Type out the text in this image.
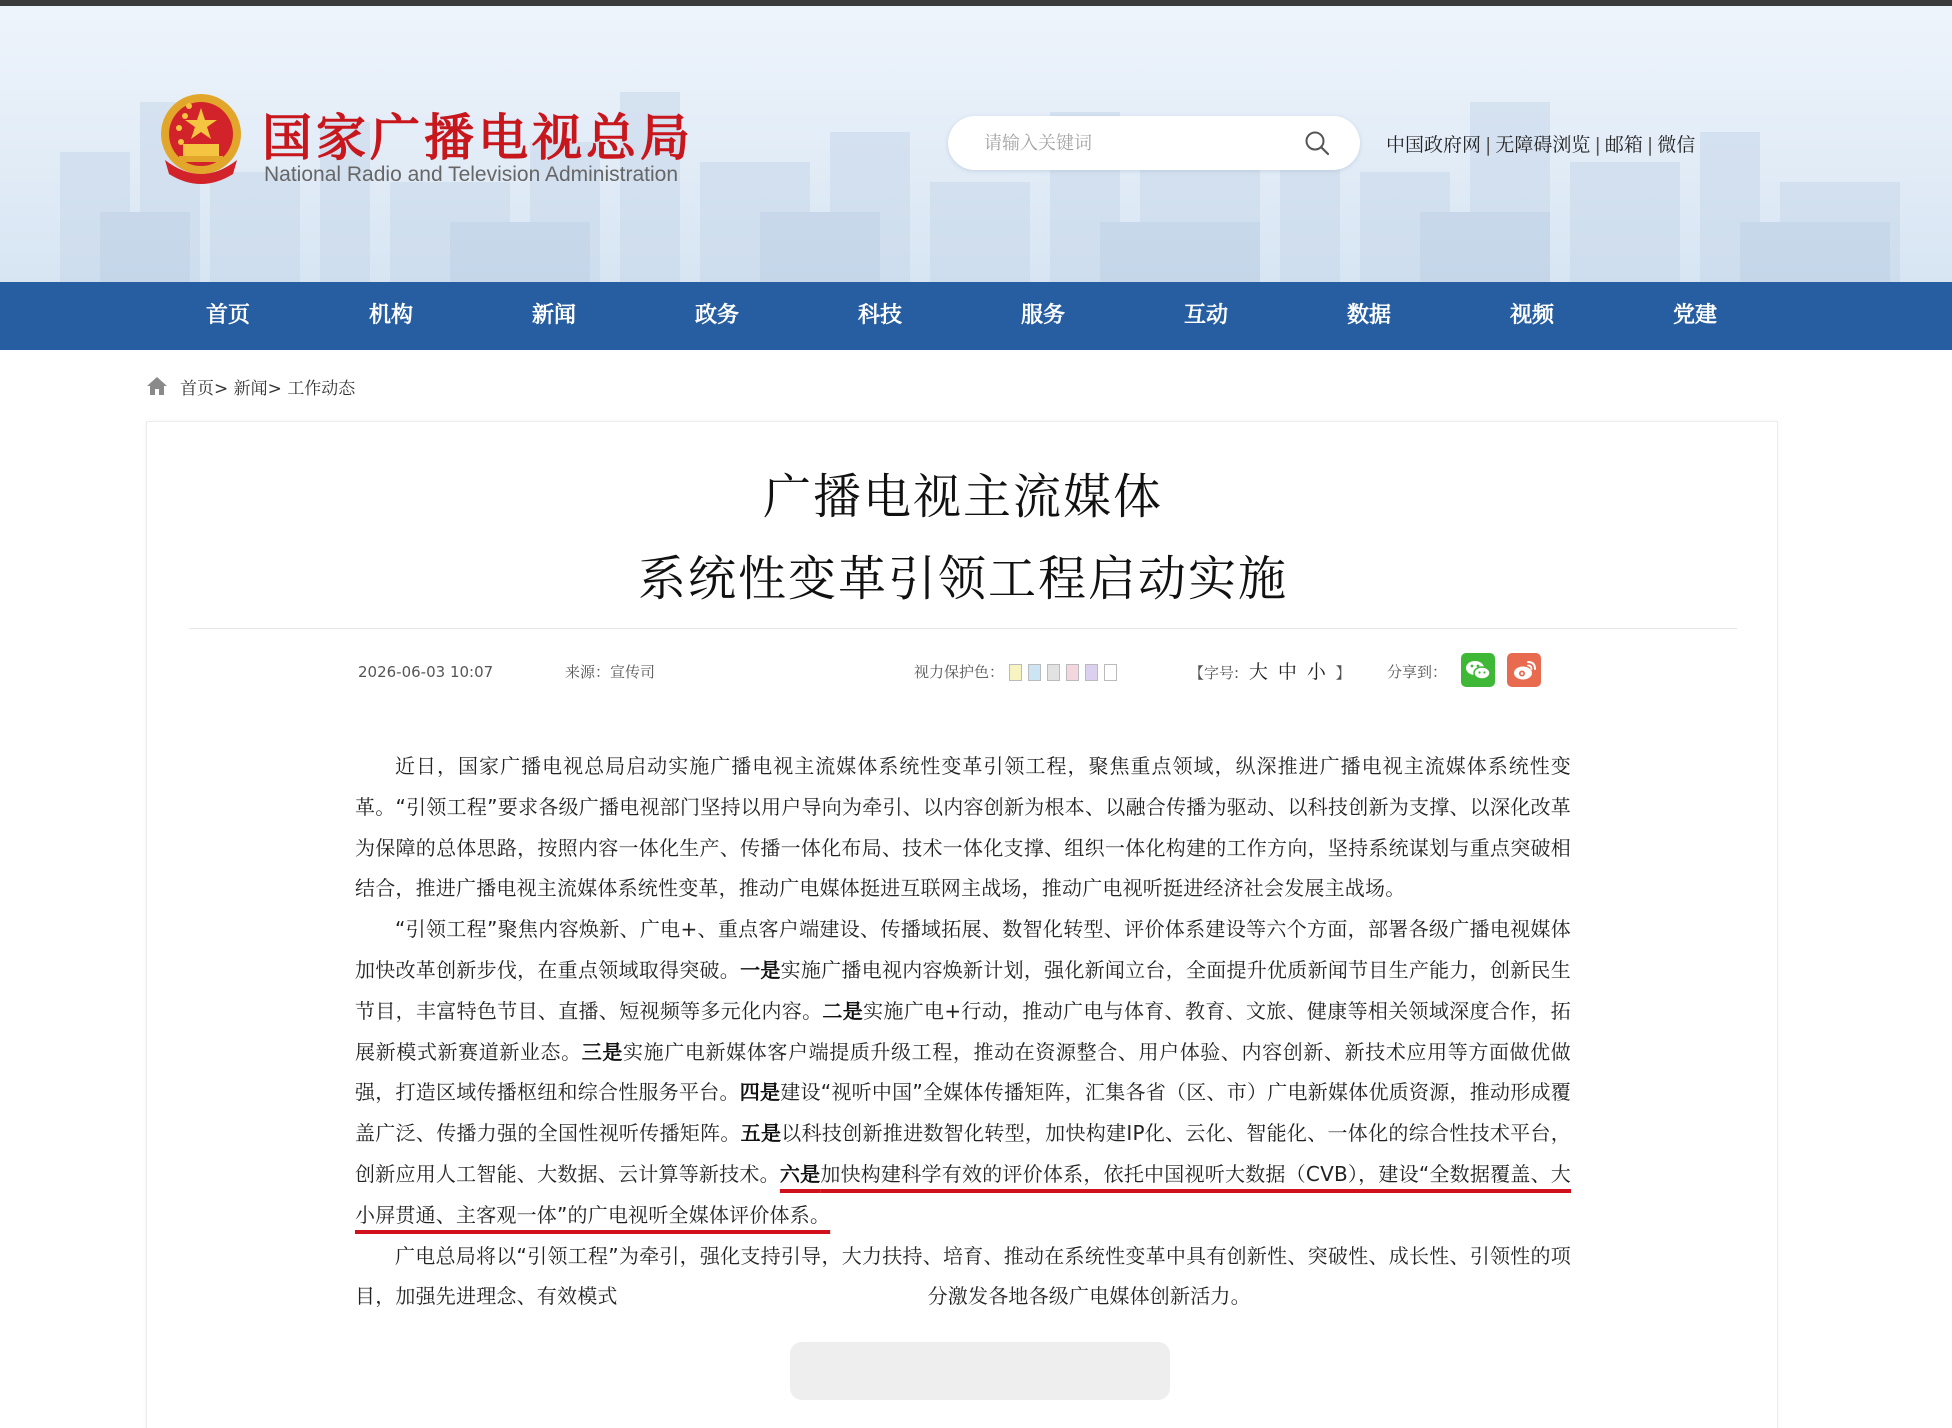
国家广播电视总局
National Radio and Television Administration
请输入关键词
中国政府网 | 无障碍浏览 | 邮箱 | 微信
首页	机构	新闻	政务	科技	服务	互动	数据	视频	党建
首页> 新闻> 工作动态
广播电视主流媒体
系统性变革引领工程启动实施
2026-06-03 10:07	来源：宣传司	视力保护色：	【字号: 大 中 小 】 分享到：

近日，国家广播电视总局启动实施广播电视主流媒体系统性变革引领工程，聚焦重点领域，纵深推进广播电视主流媒体系统性变革。“引领工程”要求各级广播电视部门坚持以用户导向为牵引、以内容创新为根本、以融合传播为驱动、以科技创新为支撑、以深化改革为保障的总体思路，按照内容一体化生产、传播一体化布局、技术一体化支撑、组织一体化构建的工作方向，坚持系统谋划与重点突破相结合，推进广播电视主流媒体系统性变革，推动广电媒体挺进互联网主战场，推动广电视听挺进经济社会发展主战场。

“引领工程”聚焦内容焕新、广电+、重点客户端建设、传播域拓展、数智化转型、评价体系建设等六个方面，部署各级广播电视媒体加快改革创新步伐，在重点领域取得突破。一是实施广播电视内容焕新计划，强化新闻立台，全面提升优质新闻节目生产能力，创新民生节目，丰富特色节目、直播、短视频等多元化内容。二是实施广电+行动，推动广电与体育、教育、文旅、健康等相关领域深度合作，拓展新模式新赛道新业态。三是实施广电新媒体客户端提质升级工程，推动在资源整合、用户体验、内容创新、新技术应用等方面做优做强，打造区域传播枢纽和综合性服务平台。四是建设“视听中国”全媒体传播矩阵，汇集各省（区、市）广电新媒体优质资源，推动形成覆盖广泛、传播力强的全国性视听传播矩阵。五是以科技创新推进数智化转型，加快构建IP化、云化、智能化、一体化的综合性技术平台，创新应用人工智能、大数据、云计算等新技术。六是加快构建科学有效的评价体系，依托中国视听大数据（CVB），建设“全数据覆盖、大小屏贯通、主客观一体”的广电视听全媒体评价体系。

广电总局将以“引领工程”为牵引，强化支持引导，大力扶持、培育、推动在系统性变革中具有创新性、突破性、成长性、引领性的项目，加强先进理念、有效模式	分激发各地各级广电媒体创新活力。
